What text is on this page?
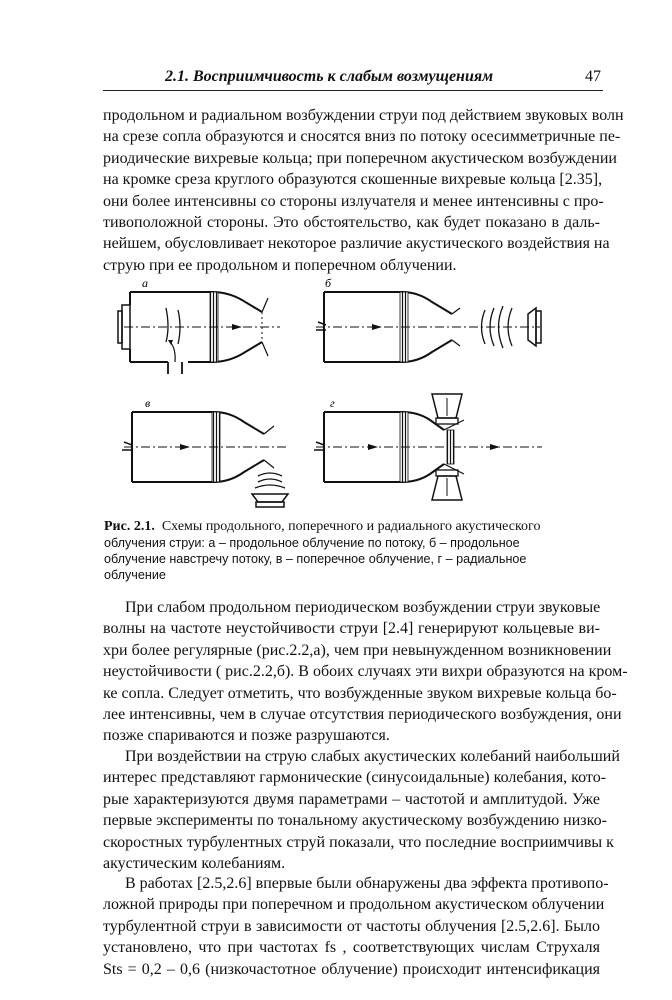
2.1. Восприимчивость к слабым возмущениям	47
продольном и радиальном возбуждении струи под действием звуковых волн
на срезе сопла образуются и сносятся вниз по потоку осесимметричные пе-
риодические вихревые кольца; при поперечном акустическом возбуждении
на кромке среза круглого образуются скошенные вихревые кольца [2.35],
они более интенсивны со стороны излучателя и менее интенсивны с про-
тивоположной стороны. Это обстоятельство, как будет показано в даль-
нейшем, обусловливает некоторое различие акустического воздействия на
струю при ее продольном и поперечном облучении.
а	б
в	г
Рис. 2.1. Схемы продольного, поперечного и радиального акустического
облучения струи: а – продольное облучение по потоку, б – продольное
облучение навстречу потоку, в – поперечное облучение, г – радиальное
облучение
При слабом продольном периодическом возбуждении струи звуковые
волны на частоте неустойчивости струи [2.4] генерируют кольцевые ви-
хри более регулярные (рис.2.2,а), чем при невынужденном возникновении
неустойчивости ( рис.2.2,б). В обоих случаях эти вихри образуются на кром-
ке сопла. Следует отметить, что возбужденные звуком вихревые кольца бо-
лее интенсивны, чем в случае отсутствия периодического возбуждения, они
позже спариваются и позже разрушаются.
При воздействии на струю слабых акустических колебаний наибольший
интерес представляют гармонические (синусоидальные) колебания, кото-
рые характеризуются двумя параметрами – частотой и амплитудой. Уже
первые эксперименты по тональному акустическому возбуждению низко-
скоростных турбулентных струй показали, что последние восприимчивы к
акустическим колебаниям.
В работах [2.5,2.6] впервые были обнаружены два эффекта противопо-
ложной природы при поперечном и продольном акустическом облучении
турбулентной струи в зависимости от частоты облучения [2.5,2.6]. Было
установлено, что при частотах fs , соответствующих числам Струхаля
Sts = 0,2 – 0,6 (низкочастотное облучение) происходит интенсификация
